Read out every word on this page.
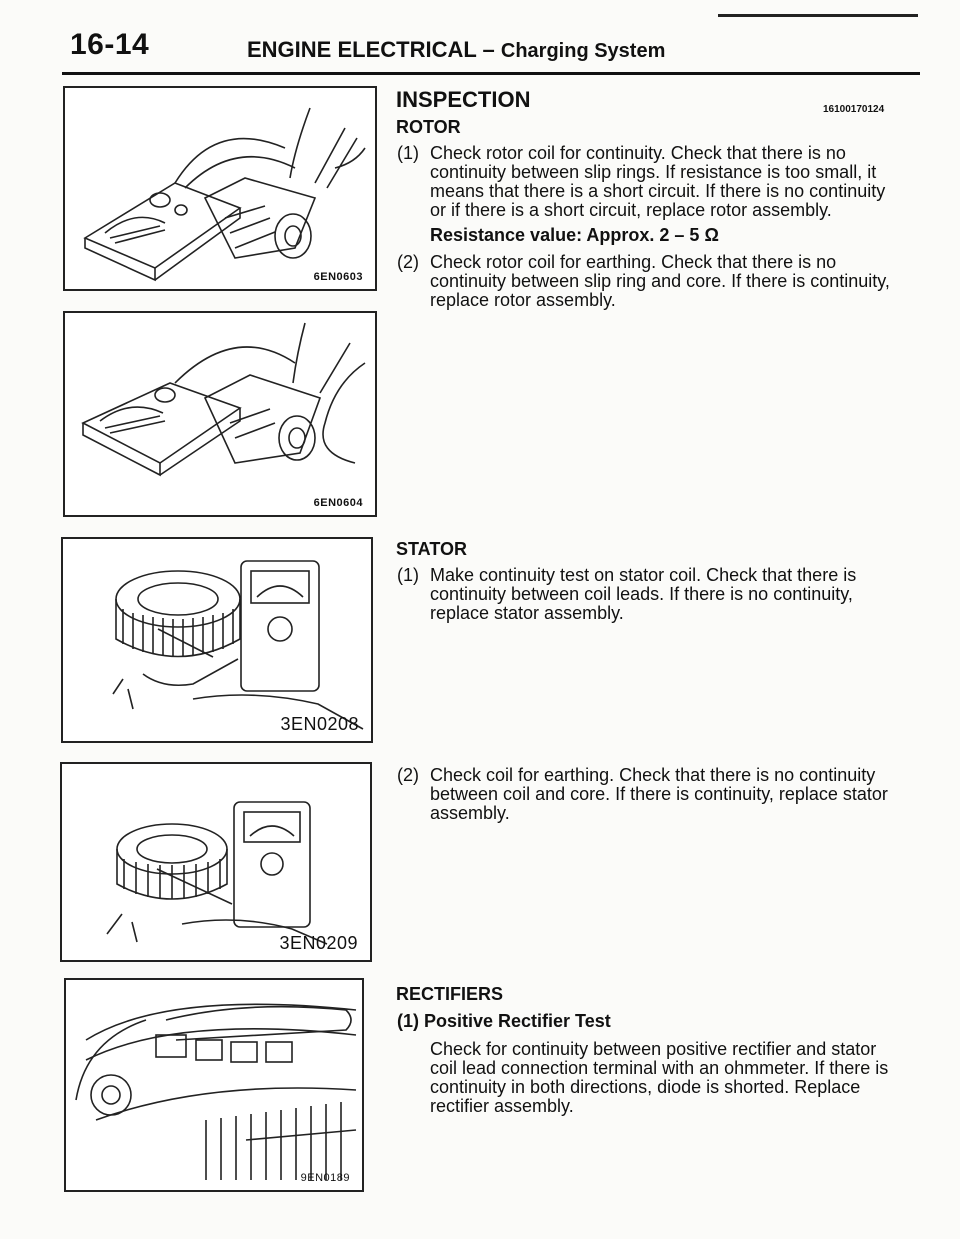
16-14	ENGINE ELECTRICAL – Charging System
6EN0603
6EN0604
3EN0208
3EN0209
9EN0189
INSPECTION	16100170124
ROTOR
(1) Check rotor coil for continuity. Check that there is no continuity between slip rings. If resistance is too small, it means that there is a short circuit. If there is no continuity or if there is a short circuit, replace rotor assembly.
Resistance value: Approx. 2 – 5 Ω
(2) Check rotor coil for earthing. Check that there is no continuity between slip ring and core. If there is continuity, replace rotor assembly.
STATOR
(1) Make continuity test on stator coil. Check that there is continuity between coil leads. If there is no continuity, replace stator assembly.
(2) Check coil for earthing. Check that there is no continuity between coil and core. If there is continuity, replace stator assembly.
RECTIFIERS
(1) Positive Rectifier Test
Check for continuity between positive rectifier and stator coil lead connection terminal with an ohmmeter. If there is continuity in both directions, diode is shorted. Replace rectifier assembly.
